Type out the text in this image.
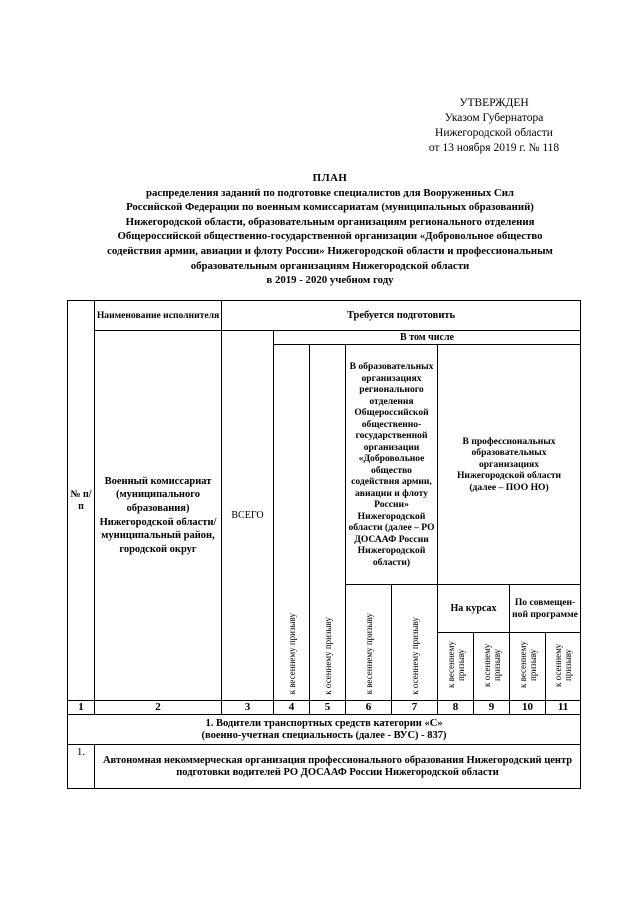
УТВЕРЖДЕН
Указом Губернатора
Нижегородской области
от 13 ноября 2019 г. № 118
ПЛАН
распределения заданий по подготовке специалистов для Вооруженных Сил
Российской Федерации по военным комиссариатам (муниципальных образований)
Нижегородской области, образовательным организациям регионального отделения
Общероссийской общественно-государственной организации «Добровольное общество
содействия армии, авиации и флоту России» Нижегородской области и профессиональным
образовательным организациям Нижегородской области
в 2019 - 2020 учебном году
№ п/п	Наименование исполнителя	Требуется подготовить								
	Военный комиссариат (муниципального образования) Нижегородской области/ муниципальный район, городской округ	ВСЕГО	В том числе							
			к весеннему призыву	к осеннему призыву	В образовательных организациях регионального отделения Общероссийской общественно-государственной организации «Добровольное общество содействия армии, авиации и флоту России» Нижегородской области (далее – РО ДОСААФ России Нижегородской области)		В профессиональных образовательных организациях Нижегородской области (далее – ПОО НО)			
					к весеннему призыву	к осеннему призыву	На курсах		По совмещен-ной программе	
							к весеннему призыву	к осеннему призыву	к весеннему призыву	к осеннему призыву
1	2	3	4	5	6	7	8	9	10	11

1. Водители транспортных средств категории «С»
(военно-учетная специальность (далее - ВУС) - 837)										

1.	Автономная некоммерческая организация профессионального образования Нижегородский центр подготовки водителей РО ДОСААФ России Нижегородской области									
